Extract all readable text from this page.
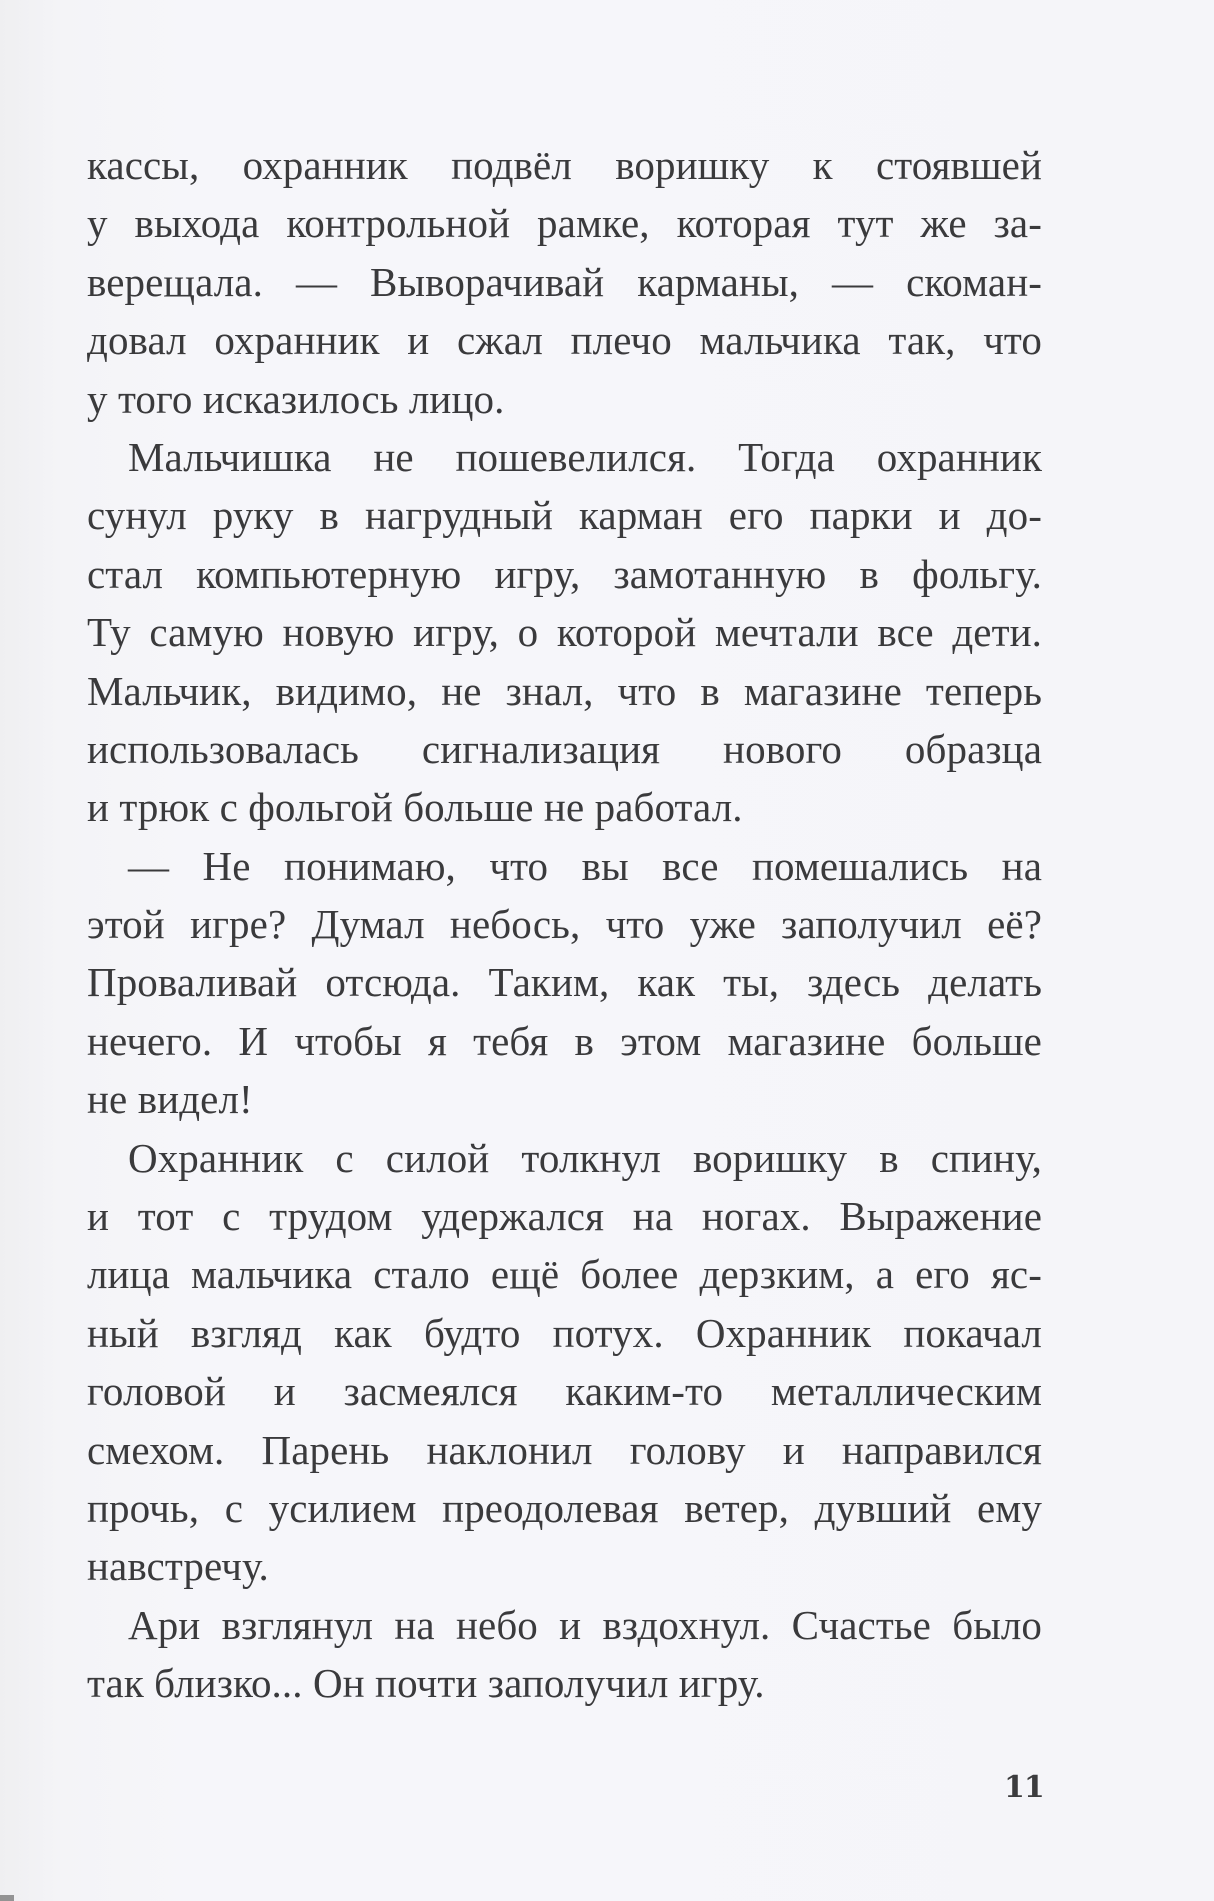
кассы, охранник подвёл воришку к стоявшей
у выхода контрольной рамке, которая тут же за-
верещала. — Выворачивай карманы, — скоман-
довал охранник и сжал плечо мальчика так, что
у того исказилось лицо.
Мальчишка не пошевелился. Тогда охранник
сунул руку в нагрудный карман его парки и до-
стал компьютерную игру, замотанную в фольгу.
Ту самую новую игру, о которой мечтали все дети.
Мальчик, видимо, не знал, что в магазине теперь
использовалась сигнализация нового образца
и трюк с фольгой больше не работал.
— Не понимаю, что вы все помешались на
этой игре? Думал небось, что уже заполучил её?
Проваливай отсюда. Таким, как ты, здесь делать
нечего. И чтобы я тебя в этом магазине больше
не видел!
Охранник с силой толкнул воришку в спину,
и тот с трудом удержался на ногах. Выражение
лица мальчика стало ещё более дерзким, а его яс-
ный взгляд как будто потух. Охранник покачал
головой и засмеялся каким-то металлическим
смехом. Парень наклонил голову и направился
прочь, с усилием преодолевая ветер, дувший ему
навстречу.
Ари взглянул на небо и вздохнул. Счастье было
так близко... Он почти заполучил игру.
11
